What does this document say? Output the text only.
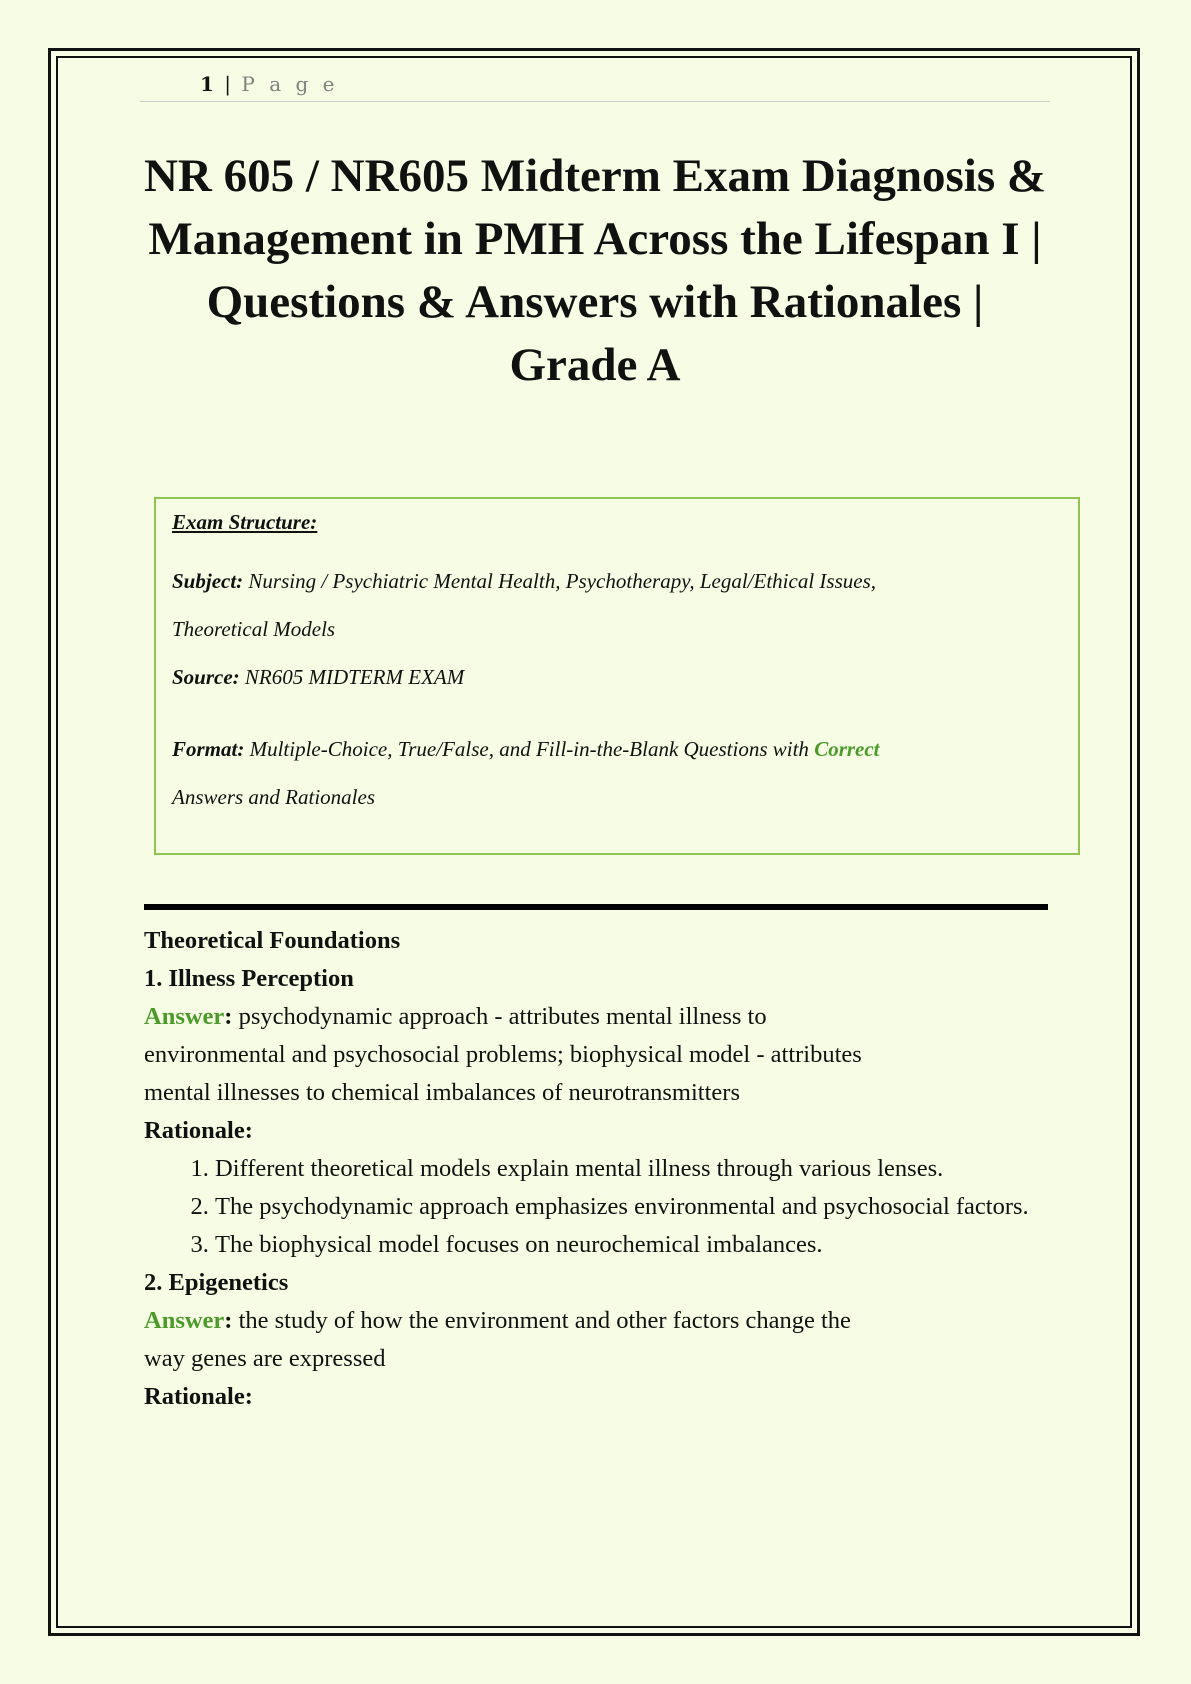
1 | P a g e
NR 605 / NR605 Midterm Exam Diagnosis & Management in PMH Across the Lifespan I | Questions & Answers with Rationales | Grade A
Exam Structure:
Subject: Nursing / Psychiatric Mental Health, Psychotherapy, Legal/Ethical Issues,
Theoretical Models
Source: NR605 MIDTERM EXAM
Format: Multiple-Choice, True/False, and Fill-in-the-Blank Questions with Correct
Answers and Rationales
Theoretical Foundations
1. Illness Perception
Answer: psychodynamic approach - attributes mental illness to
environmental and psychosocial problems; biophysical model - attributes
mental illnesses to chemical imbalances of neurotransmitters
Rationale:
1. Different theoretical models explain mental illness through various lenses.
2. The psychodynamic approach emphasizes environmental and psychosocial factors.
3. The biophysical model focuses on neurochemical imbalances.
2. Epigenetics
Answer: the study of how the environment and other factors change the
way genes are expressed
Rationale:
